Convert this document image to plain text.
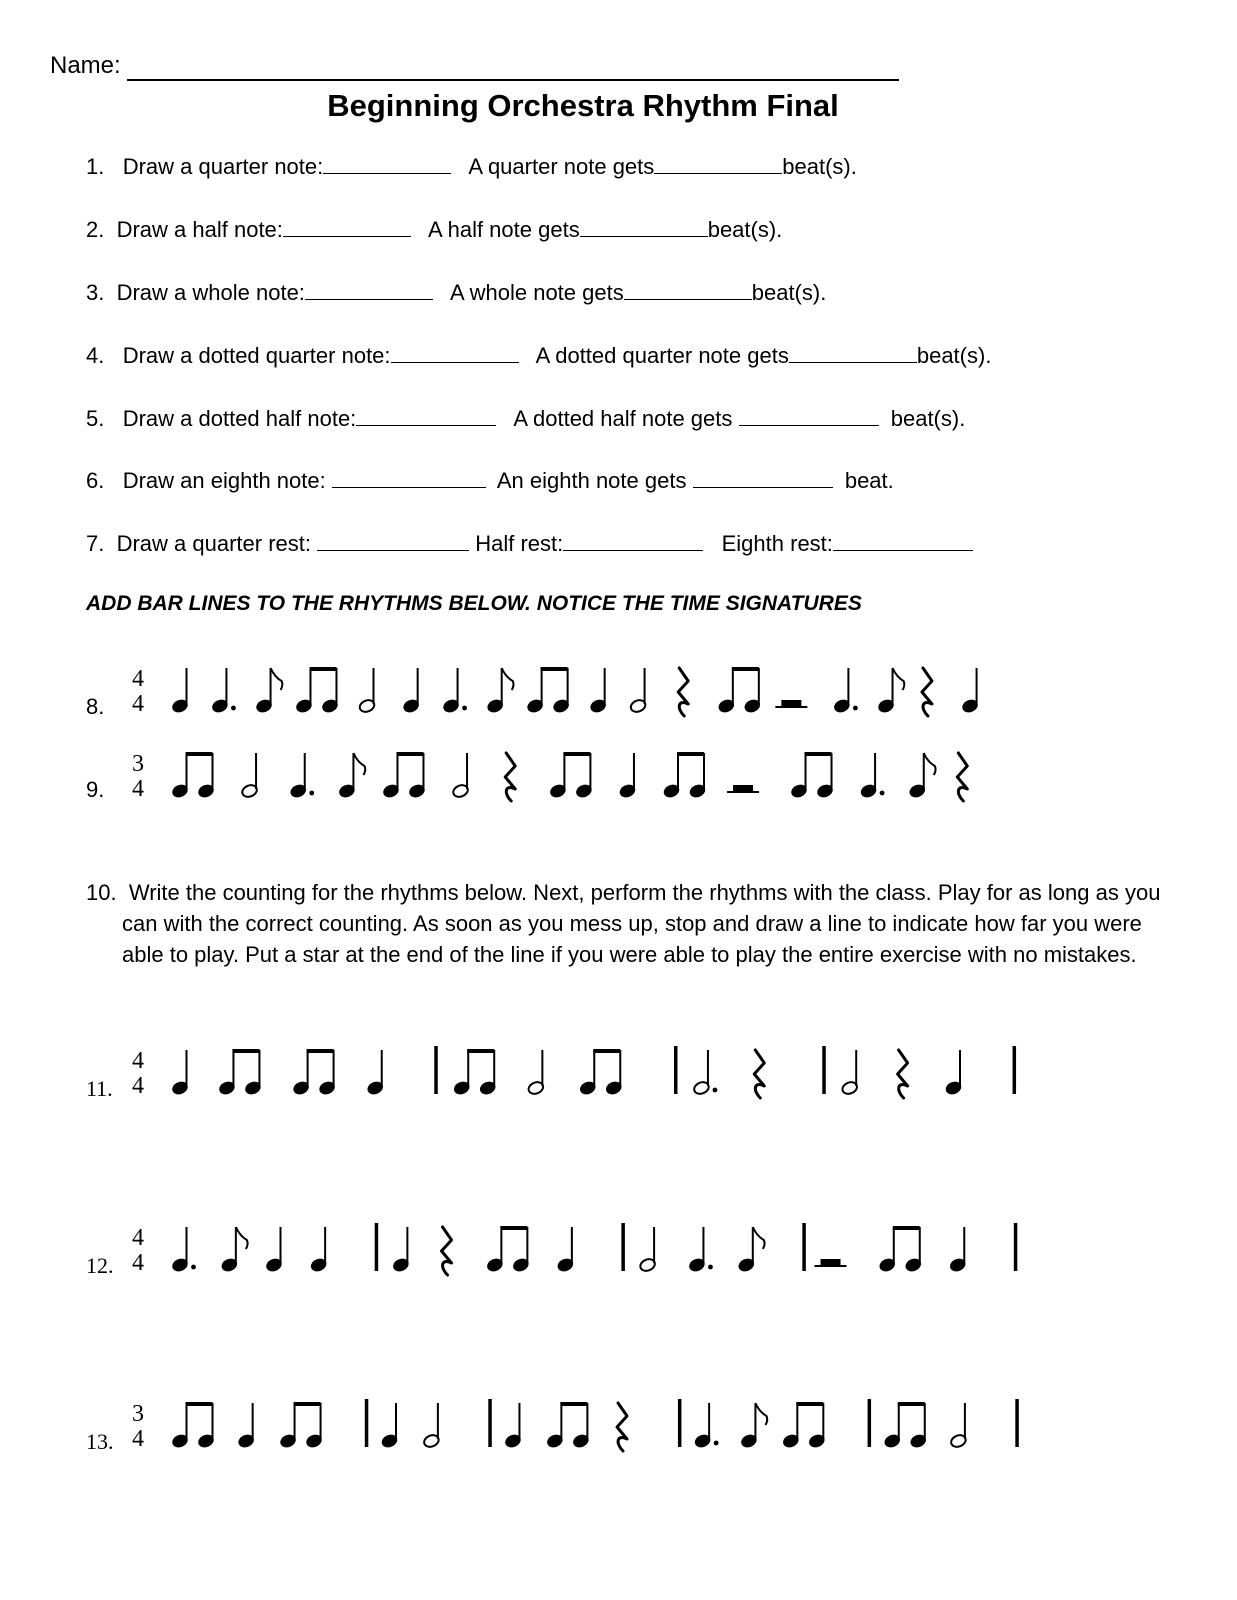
Name:
Beginning Orchestra Rhythm Final
1. Draw a quarter note:	A quarter note gets	beat(s).
2. Draw a half note:	A half note gets	beat(s).
3. Draw a whole note:	A whole note gets	beat(s).
4. Draw a dotted quarter note:	A dotted quarter note gets	beat(s).
5. Draw a dotted half note:	A dotted half note gets	beat(s).
6. Draw an eighth note:	An eighth note gets	beat.
7. Draw a quarter rest:	Half rest:	Eighth rest:
ADD BAR LINES TO THE RHYTHMS BELOW. NOTICE THE TIME SIGNATURES
8.
4
4
9.
3
4
10. Write the counting for the rhythms below. Next, perform the rhythms with the class. Play for as long as you can with the correct counting. As soon as you mess up, stop and draw a line to indicate how far you were able to play. Put a star at the end of the line if you were able to play the entire exercise with no mistakes.
11.
4
4
12.
4
4
13.
3
4
